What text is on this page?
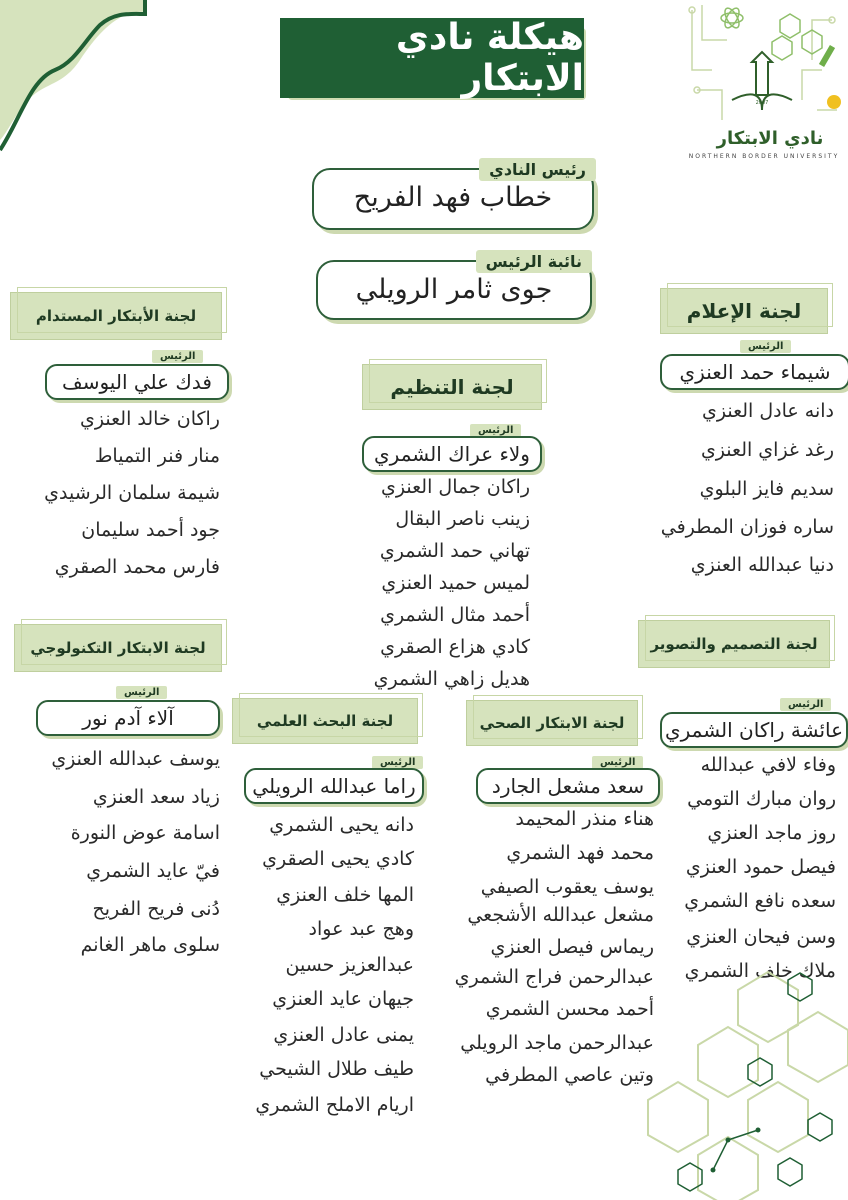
هيكلة نادي الابتكار
2007
نادي الابتكار
NORTHERN BORDER UNIVERSITY
رئيس النادي
خطاب فهد الفريح
نائبة الرئيس
جوى ثامر الرويلي
لجنة الأبتكار المستدام
الرئيس
فدك علي اليوسف
راكان خالد العنزي
منار فنر التمياط
شيمة سلمان الرشيدي
جود أحمد سليمان
فارس محمد الصقري
لجنة الإعلام
الرئيس
شيماء حمد العنزي
دانه عادل العنزي
رغد غزاي العنزي
سديم فايز البلوي
ساره فوزان المطرفي
دنيا عبدالله العنزي
لجنة التنظيم
الرئيس
ولاء عراك الشمري
راكان جمال العنزي
زينب ناصر البقال
تهاني حمد الشمري
لميس حميد العنزي
أحمد مثال الشمري
كادي هزاع الصقري
هديل زاهي الشمري
لجنة الابتكار التكنولوجي
الرئيس
آلاء آدم نور
يوسف عبدالله العنزي
زياد سعد العنزي
اسامة عوض النورة
فيّ عايد الشمري
دُنى فريح الفريح
سلوى ماهر الغانم
لجنة البحث العلمي
الرئيس
راما عبدالله الرويلي
دانه يحيى الشمري
كادي يحيى الصقري
المها خلف العنزي
وهج عبد عواد
عبدالعزيز حسين
جيهان عايد العنزي
يمنى عادل العنزي
طيف طلال الشيحي
اريام الاملح الشمري
لجنة الابتكار الصحي
الرئيس
سعد مشعل الجارد
هناء منذر المحيمد
محمد فهد الشمري
يوسف يعقوب الصيفي
مشعل عبدالله الأشجعي
ريماس فيصل العنزي
عبدالرحمن فراج الشمري
أحمد محسن الشمري
عبدالرحمن ماجد الرويلي
وتين عاصي المطرفي
لجنة التصميم والتصوير
الرئيس
عائشة راكان الشمري
وفاء لافي عبدالله
روان مبارك التومي
روز ماجد العنزي
فيصل حمود العنزي
سعده نافع الشمري
وسن فيحان العنزي
ملاك خلف الشمري
